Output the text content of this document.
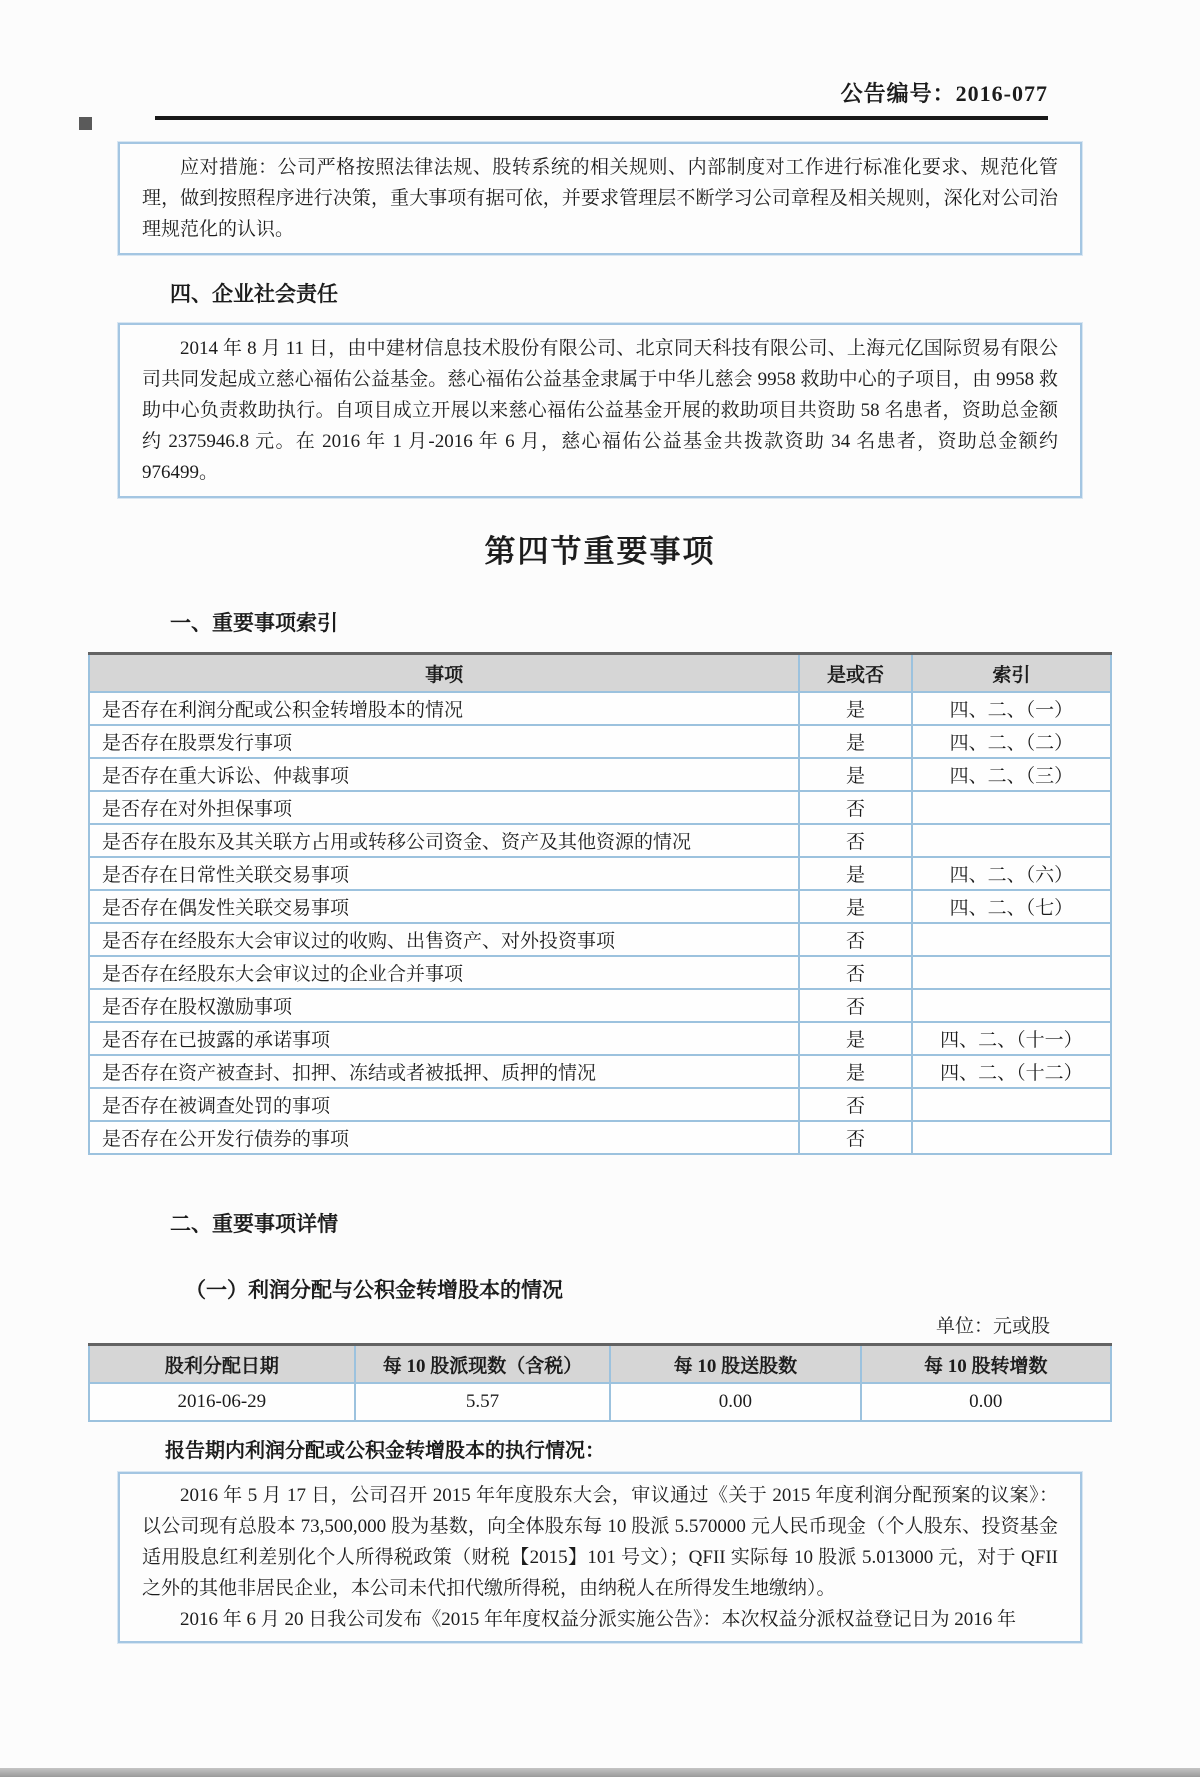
公告编号：2016-077

应对措施：公司严格按照法律法规、股转系统的相关规则、内部制度对工作进行标准化要求、规范化管理，做到按照程序进行决策，重大事项有据可依，并要求管理层不断学习公司章程及相关规则，深化对公司治理规范化的认识。

四、企业社会责任

2014 年 8 月 11 日，由中建材信息技术股份有限公司、北京同天科技有限公司、上海元亿国际贸易有限公司共同发起成立慈心福佑公益基金。慈心福佑公益基金隶属于中华儿慈会 9958 救助中心的子项目，由 9958 救助中心负责救助执行。自项目成立开展以来慈心福佑公益基金开展的救助项目共资助 58 名患者，资助总金额约 2375946.8 元。在 2016 年 1 月-2016 年 6 月，慈心福佑公益基金共拨款资助 34 名患者，资助总金额约 976499。

第四节重要事项
一、重要事项索引
事项	是或否	索引
是否存在利润分配或公积金转增股本的情况	是	四、二、（一）
是否存在股票发行事项	是	四、二、（二）
是否存在重大诉讼、仲裁事项	是	四、二、（三）
是否存在对外担保事项	否	
是否存在股东及其关联方占用或转移公司资金、资产及其他资源的情况	否	
是否存在日常性关联交易事项	是	四、二、（六）
是否存在偶发性关联交易事项	是	四、二、（七）
是否存在经股东大会审议过的收购、出售资产、对外投资事项	否	
是否存在经股东大会审议过的企业合并事项	否	
是否存在股权激励事项	否	
是否存在已披露的承诺事项	是	四、二、（十一）
是否存在资产被查封、扣押、冻结或者被抵押、质押的情况	是	四、二、（十二）
是否存在被调查处罚的事项	否	
是否存在公开发行债券的事项	否	
二、重要事项详情
（一）利润分配与公积金转增股本的情况
单位：元或股
股利分配日期	每 10 股派现数（含税）	每 10 股送股数	每 10 股转增数
2016-06-29	5.57	0.00	0.00
报告期内利润分配或公积金转增股本的执行情况：

2016 年 5 月 17 日，公司召开 2015 年年度股东大会，审议通过《关于 2015 年度利润分配预案的议案》：以公司现有总股本 73,500,000 股为基数，向全体股东每 10 股派 5.570000 元人民币现金（个人股东、投资基金适用股息红利差别化个人所得税政策（财税【2015】101 号文）；QFII 实际每 10 股派 5.013000 元，对于 QFII 之外的其他非居民企业，本公司未代扣代缴所得税，由纳税人在所得发生地缴纳）。

2016 年 6 月 20 日我公司发布《2015 年年度权益分派实施公告》：本次权益分派权益登记日为 2016 年
